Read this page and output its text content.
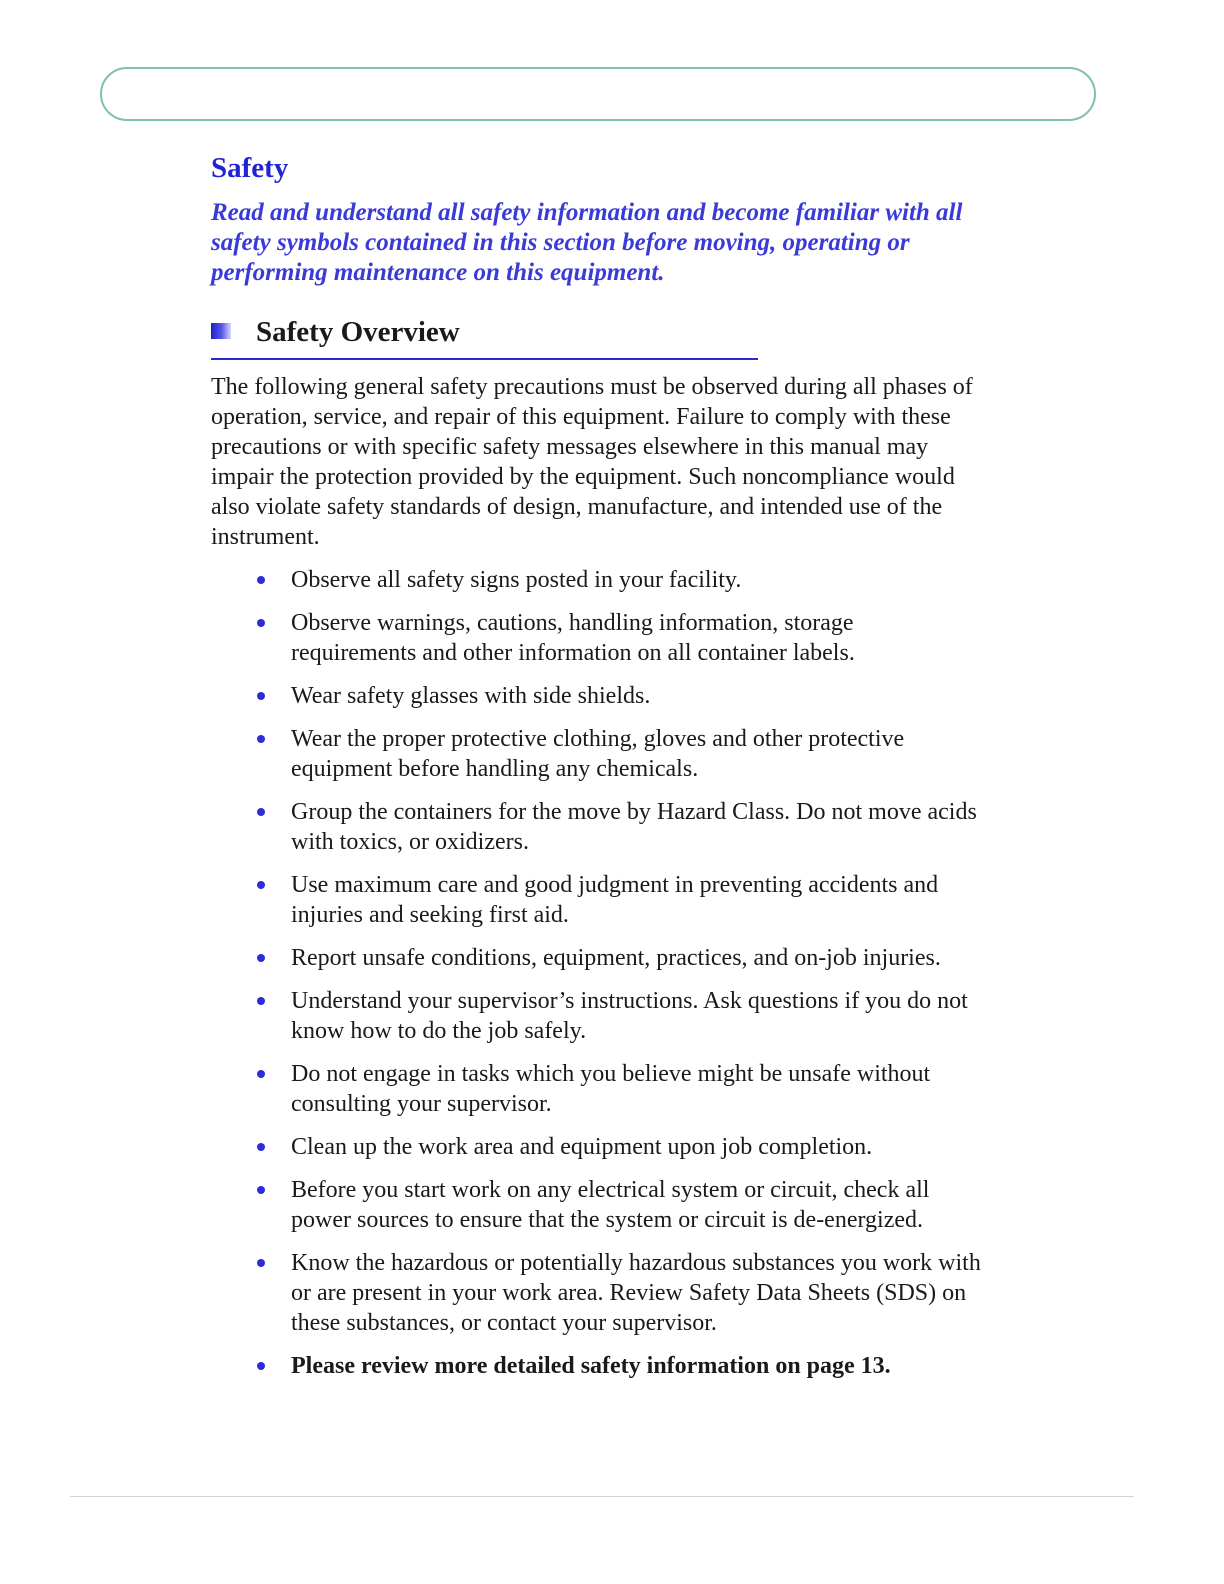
Safety

Read and understand all safety information and become familiar with all safety symbols contained in this section before moving, operating or performing maintenance on this equipment.

Safety Overview

The following general safety precautions must be observed during all phases of operation, service, and repair of this equipment. Failure to comply with these precautions or with specific safety messages elsewhere in this manual may impair the protection provided by the equipment. Such noncompliance would also violate safety standards of design, manufacture, and intended use of the instrument.

Observe all safety signs posted in your facility.
Observe warnings, cautions, handling information, storage requirements and other information on all container labels.
Wear safety glasses with side shields.
Wear the proper protective clothing, gloves and other protective equipment before handling any chemicals.
Group the containers for the move by Hazard Class. Do not move acids with toxics, or oxidizers.
Use maximum care and good judgment in preventing accidents and injuries and seeking first aid.
Report unsafe conditions, equipment, practices, and on-job injuries.
Understand your supervisor’s instructions. Ask questions if you do not know how to do the job safely.
Do not engage in tasks which you believe might be unsafe without consulting your supervisor.
Clean up the work area and equipment upon job completion.
Before you start work on any electrical system or circuit, check all power sources to ensure that the system or circuit is de-energized.
Know the hazardous or potentially hazardous substances you work with or are present in your work area. Review Safety Data Sheets (SDS) on these substances, or contact your supervisor.
Please review more detailed safety information on page 13.
